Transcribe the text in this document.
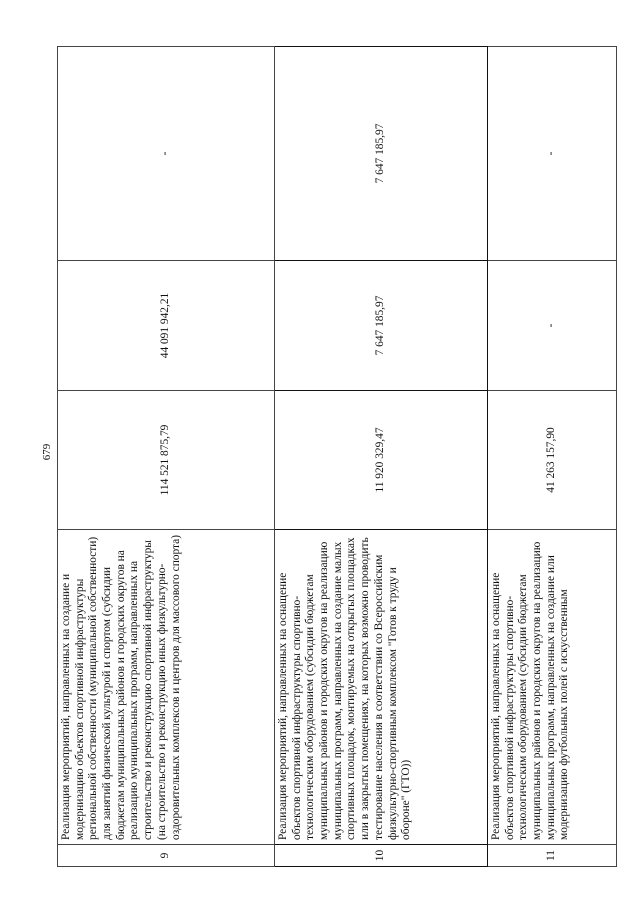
679
9	Реализация мероприятий, направленных на создание и модернизацию объектов спортивной инфраструктуры региональной собственности (муниципальной собственности) для занятий физической культурой и спортом (субсидии бюджетам муниципальных районов и городских округов на реализацию муниципальных программ, направленных на строительство и реконструкцию спортивной инфраструктуры (на строительство и реконструкцию иных физкультурно-оздоровительных комплексов и центров для массового спорта)	114 521 875,79	44 091 942,21	-
10	Реализация мероприятий, направленных на оснащение объектов спортивной инфраструктуры спортивно-технологическим оборудованием (субсидии бюджетам муниципальных районов и городских округов на реализацию муниципальных программ, направленных на создание малых спортивных площадок, монтируемых на открытых площадках или в закрытых помещениях, на которых возможно проводить тестирование населения в соответствии со Всероссийским физкультурно-спортивным комплексом "Готов к труду и обороне" (ГТО))	11 920 329,47	7 647 185,97	7 647 185,97
11	Реализация мероприятий, направленных на оснащение объектов спортивной инфраструктуры спортивно-технологическим оборудованием (субсидии бюджетам муниципальных районов и городских округов на реализацию муниципальных программ, направленных на создание или модернизацию футбольных полей с искусственным	41 263 157,90	-	-
